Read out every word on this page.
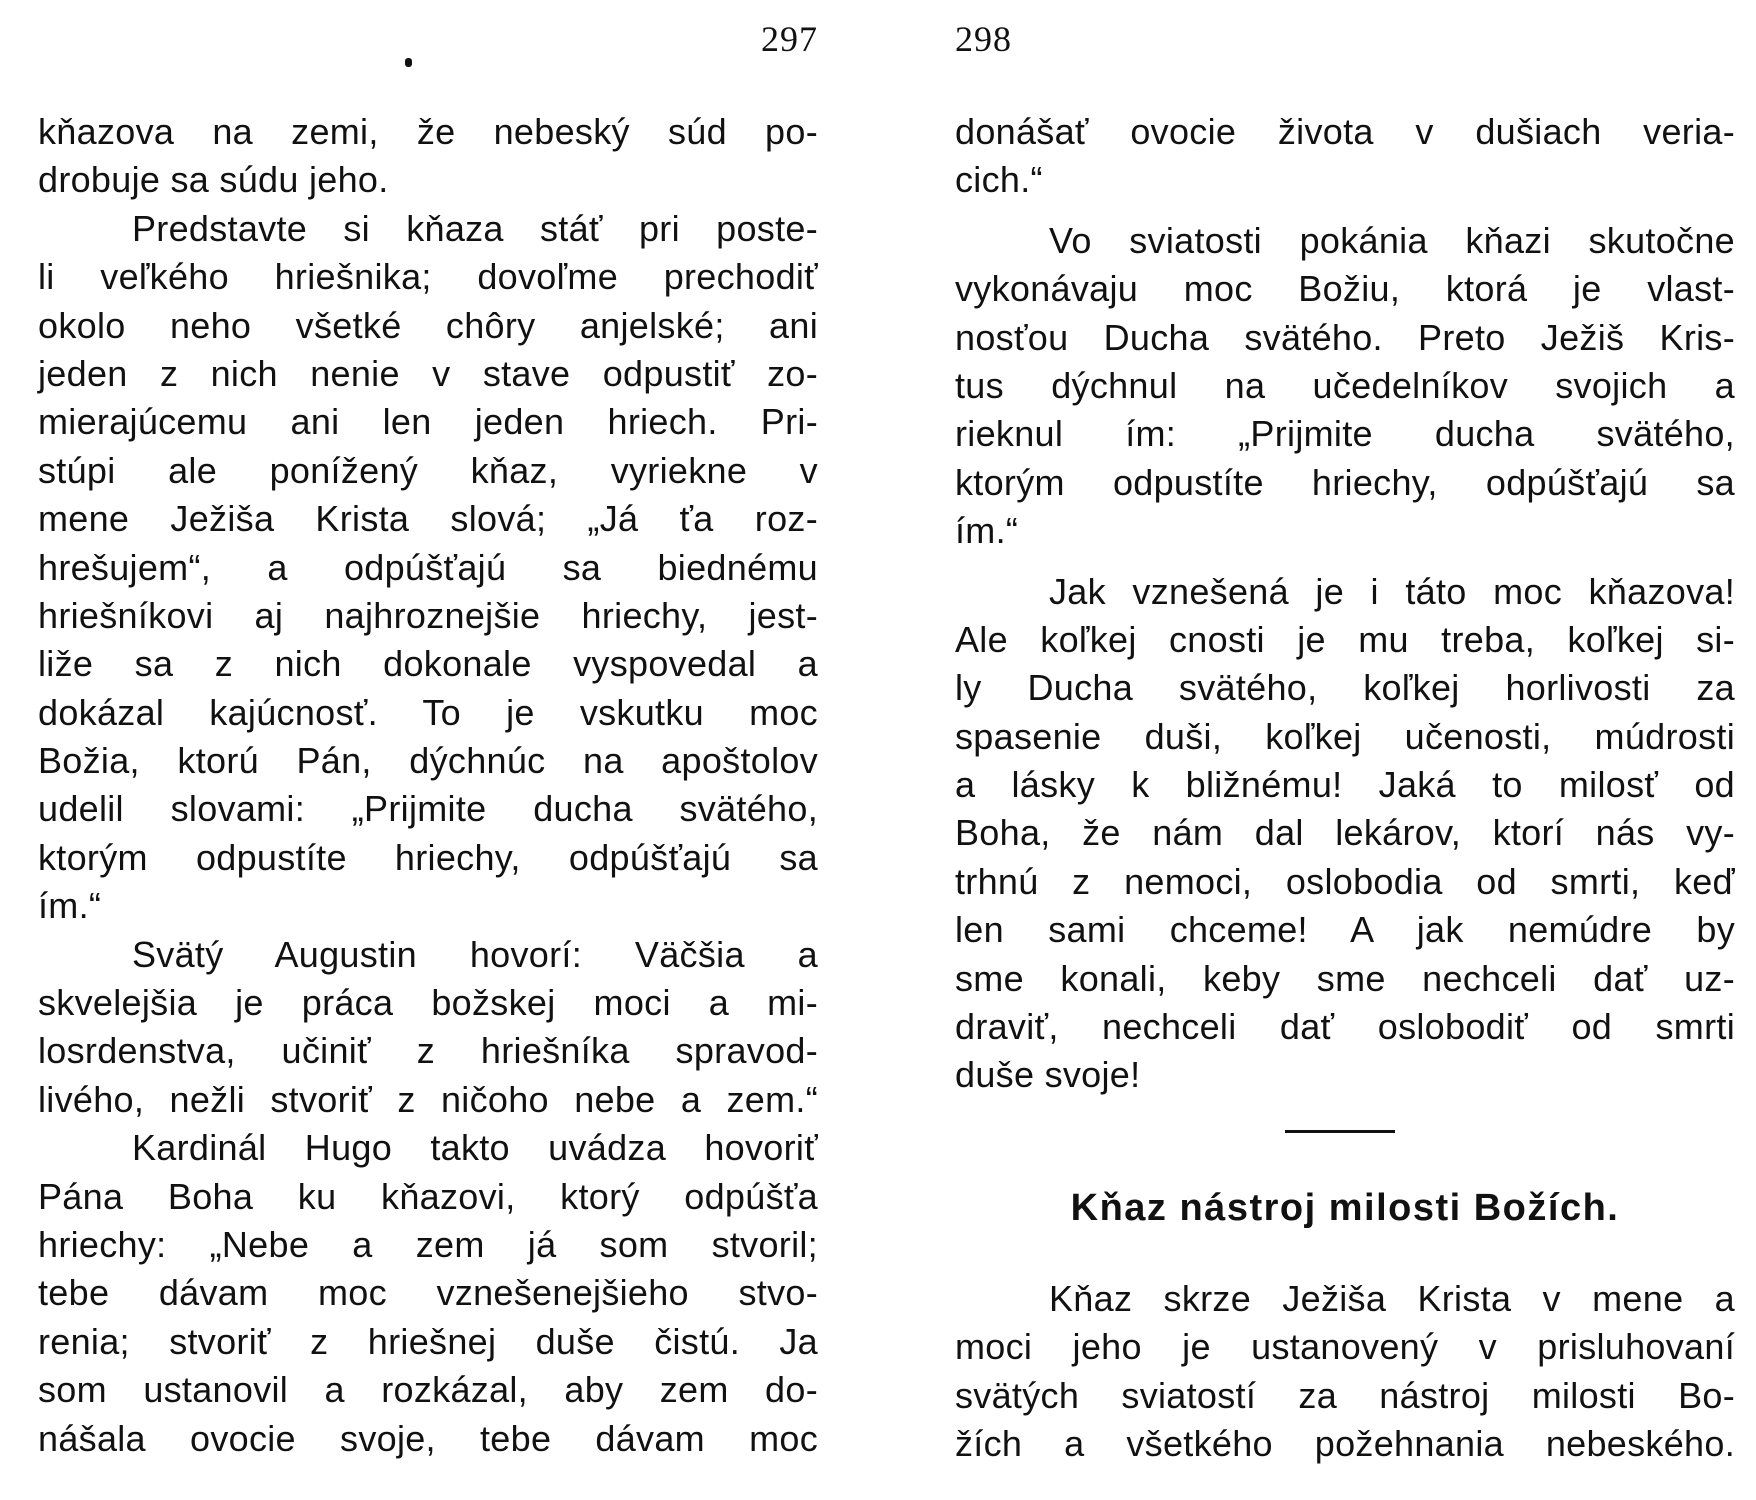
297
kňazova na zemi, že nebeský súd po-
drobuje sa súdu jeho.
Predstavte si kňaza stáť pri poste-
li veľkého hriešnika; dovoľme prechodiť
okolo neho všetké chôry anjelské; ani
jeden z nich nenie v stave odpustiť zo-
mierajúcemu ani len jeden hriech. Pri-
stúpi ale ponížený kňaz, vyriekne v
mene Ježiša Krista slová; „Já ťa roz-
hrešujem“, a odpúšťajú sa biednému
hriešníkovi aj najhroznejšie hriechy, jest-
liže sa z nich dokonale vyspovedal a
dokázal kajúcnosť. To je vskutku moc
Božia, ktorú Pán, dýchnúc na apoštolov
udelil slovami: „Prijmite ducha svätého,
ktorým odpustíte hriechy, odpúšťajú sa
ím.“
Svätý Augustin hovorí: Väčšia a
skvelejšia je práca božskej moci a mi-
losrdenstva, učiniť z hriešníka spravod-
livého, nežli stvoriť z ničoho nebe a zem.“
Kardinál Hugo takto uvádza hovoriť
Pána Boha ku kňazovi, ktorý odpúšťa
hriechy: „Nebe a zem já som stvoril;
tebe dávam moc vznešenejšieho stvo-
renia; stvoriť z hriešnej duše čistú. Ja
som ustanovil a rozkázal, aby zem do-
nášala ovocie svoje, tebe dávam moc
298
donášať ovocie života v dušiach veria-
cich.“
Vo sviatosti pokánia kňazi skutočne
vykonávaju moc Božiu, ktorá je vlast-
nosťou Ducha svätého. Preto Ježiš Kris-
tus dýchnul na učedelníkov svojich a
rieknul ím: „Prijmite ducha svätého,
ktorým odpustíte hriechy, odpúšťajú sa
ím.“
Jak vznešená je i táto moc kňazova!
Ale koľkej cnosti je mu treba, koľkej si-
ly Ducha svätého, koľkej horlivosti za
spasenie duši, koľkej učenosti, múdrosti
a lásky k bližnému! Jaká to milosť od
Boha, že nám dal lekárov, ktorí nás vy-
trhnú z nemoci, oslobodia od smrti, keď
len sami chceme! A jak nemúdre by
sme konali, keby sme nechceli dať uz-
draviť, nechceli dať oslobodiť od smrti
duše svoje!
Kňaz nástroj milosti Božích.
Kňaz skrze Ježiša Krista v mene a
moci jeho je ustanovený v prisluhovaní
svätých sviatostí za nástroj milosti Bo-
žích a všetkého požehnania nebeského.
